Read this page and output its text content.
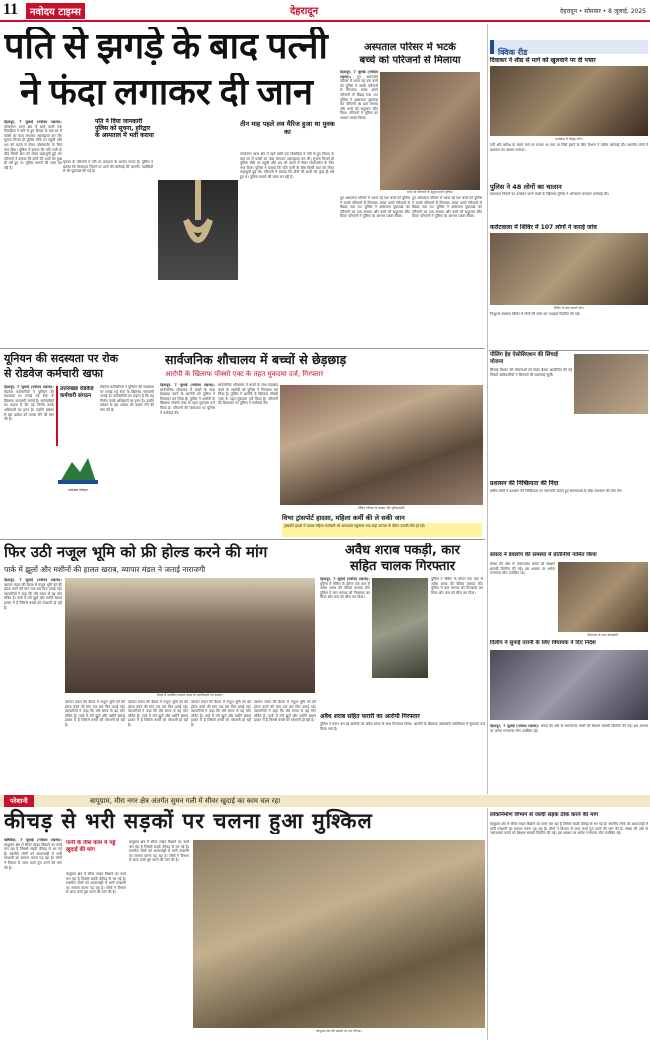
11	नवोदय टाइम्स	देहरादून	देहरादून • सोमवार • 8 जुलाई, 2025
पति से झगड़े के बाद पत्नी
ने फंदा लगाकर दी जान
देहरादून, 7 जुलाई (नवोदय टाइम्स): पटेलनगर थाना क्षेत्र में रहने वाली एक विवाहिता ने पति से हुए विवाद के बाद घर में फांसी का फंदा लगाकर आत्महत्या कर ली। सूचना मिलते ही पुलिस मौके पर पहुंची और शव को कब्जे में लेकर पोस्टमार्टम के लिए भेज दिया। पुलिस ने बताया कि पति पत्नी के बीच किसी बात को लेकर कहासुनी हुई थी। परिजनों ने बताया कि दोनों की शादी को कुछ ही वर्ष हुए थे। पुलिस मामले की जांच कर रही है।
पति ने दिया जानकारी पुलिस को सूचना, हरिद्वार के अस्पताल में भर्ती कराया
मृतका के परिजनों ने पति पर प्रताड़ना के आरोप लगाए हैं। पुलिस ने बताया कि शिकायत मिलने पर आगे की कार्रवाई की जाएगी। पड़ोसियों से भी पूछताछ की गई है।
तीन माह पहले लव मैरिज हुआ था युवक का
पटेलनगर थाना क्षेत्र में रहने वाली एक विवाहिता ने पति से हुए विवाद के बाद घर में फांसी का फंदा लगाकर आत्महत्या कर ली। सूचना मिलते ही पुलिस मौके पर पहुंची और शव को कब्जे में लेकर पोस्टमार्टम के लिए भेज दिया। पुलिस ने बताया कि पति पत्नी के बीच किसी बात को लेकर कहासुनी हुई थी। परिजनों ने बताया कि दोनों की शादी को कुछ ही वर्ष हुए थे। पुलिस मामले की जांच कर रही है।
अस्पताल परिसर में भटके
बच्चे को परिजनों से मिलाया
देहरादून, 7 जुलाई (नवोदय टाइम्स): दून अस्पताल परिसर में भटक रहे एक बच्चे को पुलिस ने उसके परिजनों से मिलाया। बच्चा अपने परिजनों से बिछड़ गया था। पुलिस ने आसपास पूछताछ कर परिजनों का पता लगाया और बच्चे को सकुशल सौंप दिया। परिजनों ने पुलिस का आभार व्यक्त किया।
बच्चे को परिजनों के सुपुर्द करती पुलिस।
दून अस्पताल परिसर में भटक रहे एक बच्चे को पुलिस ने उसके परिजनों से मिलाया। बच्चा अपने परिजनों से बिछड़ गया था। पुलिस ने आसपास पूछताछ कर परिजनों का पता लगाया और बच्चे को सकुशल सौंप दिया। परिजनों ने पुलिस का आभार व्यक्त किया।
दून अस्पताल परिसर में भटक रहे एक बच्चे को पुलिस ने उसके परिजनों से मिलाया। बच्चा अपने परिजनों से बिछड़ गया था। पुलिस ने आसपास पूछताछ कर परिजनों का पता लगाया और बच्चे को सकुशल सौंप दिया। परिजनों ने पुलिस का आभार व्यक्त किया।
यूनियन की सदस्यता पर रोक
से रोडवेज कर्मचारी खफा
देहरादून, 7 जुलाई (नवोदय टाइम्स): रोडवेज कर्मचारियों ने यूनियन की सदस्यता पर लगाई गई रोक के खिलाफ नाराजगी जताई है। कर्मचारियों का कहना है कि यह निर्णय उनके अधिकारों का हनन है। उन्होंने प्रबंधन से इस आदेश को वापस लेने की मांग की है।
उत्तराखंड रोडवेज कर्मचारी संगठन
उत्तराखंड परिवहन
रोडवेज कर्मचारियों ने यूनियन की सदस्यता पर लगाई गई रोक के खिलाफ नाराजगी जताई है। कर्मचारियों का कहना है कि यह निर्णय उनके अधिकारों का हनन है। उन्होंने प्रबंधन से इस आदेश को वापस लेने की मांग की है।
सार्वजनिक शौचालय में बच्चों से छेड़छाड़
आरोपी के खिलाफ पॉक्सो एक्ट के तहत मुकदमा दर्ज, गिरफ्तार
देहरादून, 7 जुलाई (नवोदय टाइम्स): सार्वजनिक शौचालय में बच्चों के साथ छेड़छाड़ करने के आरोपी को पुलिस ने गिरफ्तार कर लिया है। पुलिस ने आरोपी के खिलाफ पॉक्सो एक्ट के तहत मुकदमा दर्ज किया है। परिजनों की शिकायत पर पुलिस ने कार्रवाई की।
सार्वजनिक शौचालय में बच्चों के साथ छेड़छाड़ करने के आरोपी को पुलिस ने गिरफ्तार कर लिया है। पुलिस ने आरोपी के खिलाफ पॉक्सो एक्ट के तहत मुकदमा दर्ज किया है। परिजनों की शिकायत पर पुलिस ने कार्रवाई की।
पीड़ित परिवार के सदस्य और पुलिसकर्मी।
विभा ट्रांसपोर्ट हादसा, महिला कर्मी की ले सकी जान
ट्रांसपोर्ट हादसे में घायल महिला कर्मचारी को अस्पताल पहुंचाया गया जहां उपचार के दौरान उसकी मौत हो गई।
फिर उठी नजूल भूमि को फ्री होल्ड करने की मांग
पार्क में झूलों और मशीनों की हालत खराब, व्यापार मंडल ने जताई नाराजगी
देहरादून, 7 जुलाई (नवोदय टाइम्स): व्यापार मंडल की बैठक में नजूल भूमि को फ्री होल्ड करने की मांग एक बार फिर उठाई गई। व्यापारियों ने कहा कि लंबे समय से यह मांग लंबित है। पार्क में लगे झूले और मशीनें खराब हालत में हैं जिससे बच्चों को परेशानी हो रही है।
बैठक में उपस्थित व्यापार मंडल के पदाधिकारी एवं सदस्य।
व्यापार मंडल की बैठक में नजूल भूमि को फ्री होल्ड करने की मांग एक बार फिर उठाई गई। व्यापारियों ने कहा कि लंबे समय से यह मांग लंबित है। पार्क में लगे झूले और मशीनें खराब हालत में हैं जिससे बच्चों को परेशानी हो रही है।
व्यापार मंडल की बैठक में नजूल भूमि को फ्री होल्ड करने की मांग एक बार फिर उठाई गई। व्यापारियों ने कहा कि लंबे समय से यह मांग लंबित है। पार्क में लगे झूले और मशीनें खराब हालत में हैं जिससे बच्चों को परेशानी हो रही है।
व्यापार मंडल की बैठक में नजूल भूमि को फ्री होल्ड करने की मांग एक बार फिर उठाई गई। व्यापारियों ने कहा कि लंबे समय से यह मांग लंबित है। पार्क में लगे झूले और मशीनें खराब हालत में हैं जिससे बच्चों को परेशानी हो रही है।
व्यापार मंडल की बैठक में नजूल भूमि को फ्री होल्ड करने की मांग एक बार फिर उठाई गई। व्यापारियों ने कहा कि लंबे समय से यह मांग लंबित है। पार्क में लगे झूले और मशीनें खराब हालत में हैं जिससे बच्चों को परेशानी हो रही है।
अवैध शराब पकड़ी, कार
सहित चालक गिरफ्तार
देहरादून, 7 जुलाई (नवोदय टाइम्स): पुलिस ने चेकिंग के दौरान एक कार से अवैध शराब की पेटियां बरामद कीं। पुलिस ने कार चालक को गिरफ्तार कर लिया और कार को सीज कर दिया।
पुलिस ने चेकिंग के दौरान एक कार से अवैध शराब की पेटियां बरामद कीं। पुलिस ने कार चालक को गिरफ्तार कर लिया और कार को सीज कर दिया।
अवैध शराब सहित फरारी का आरोपी गिरफ्तार
पुलिस ने फरार चल रहे आरोपी को अवैध शराब के साथ गिरफ्तार किया। आरोपी के खिलाफ आबकारी अधिनियम में मुकदमा दर्ज किया गया है।
क्विक रीड
दिवाकर ने शीघ्र से मार्ग को खुलवाने पर दी पचार
कार्यक्रम में मौजूद लोग।
गर्मी और बारिश के चलते मार्ग पर मलबा आ गया था जिसे हटाने के लिए विभाग ने त्वरित कार्रवाई की। स्थानीय लोगों ने प्रशासन का आभार जताया।
पुलिस ने 48 लोगों का चालान
यातायात नियमों का उल्लंघन करने वालों के खिलाफ पुलिस ने अभियान चलाकर कार्रवाई की।
करोटवाला में शिविर में 107 लोगों ने कराई जांच
शिविर में जांच कराते लोग।
निःशुल्क स्वास्थ्य शिविर में लोगों की जांच कर दवाइयां वितरित की गईं।
पीलिंग हेड ऐसोसिएशन की सिंचाई योजना
सिंचाई विभाग की योजनाओं को लेकर बैठक आयोजित की गई जिसमें अधिकारियों ने किसानों की समस्याएं सुनीं।
प्रशासन की निष्क्रियता की निंदा
क्षेत्रीय लोगों ने प्रशासन की निष्क्रियता पर नाराजगी जताते हुए समस्याओं के शीघ्र समाधान की मांग की।
सांसद ने डवलोप की समस्या में प्रतिनिधि नामित किया
विधायक के साथ क्षेत्रवासी।
संस्था की ओर से जरूरतमंद बच्चों को शिक्षण सामग्री वितरित की गई। इस अवसर पर अनेक गणमान्य लोग उपस्थित रहे।
दिलीप ने सुनाई तरानी के लिए विधायक ने दिए निर्देश
देहरादून, 7 जुलाई (नवोदय टाइम्स): संस्था की ओर से जरूरतमंद बच्चों को शिक्षण सामग्री वितरित की गई। इस अवसर पर अनेक गणमान्य लोग उपस्थित रहे।
परेशानी	बापूग्राम, मीरा नगर क्षेत्र अंतर्गत सुमन गली में सीवर खुदाई का काम चल रहा
कीचड़ से भरी सड़कों पर चलना हुआ मुश्किल
ऋषिकेश, 7 जुलाई (नवोदय टाइम्स): बापूग्राम क्षेत्र में सीवर लाइन बिछाने का कार्य चल रहा है जिससे सड़कें कीचड़ से भर गई हैं। स्थानीय लोगों को आवाजाही में भारी परेशानी का सामना करना पड़ रहा है। लोगों ने विभाग से जल्द कार्य पूरा करने की मांग की है।
पानी के तीस काम में गड्ढे खुदाई की मांग
बापूग्राम क्षेत्र में सीवर लाइन बिछाने का कार्य चल रहा है जिससे सड़कें कीचड़ से भर गई हैं। स्थानीय लोगों को आवाजाही में भारी परेशानी का सामना करना पड़ रहा है। लोगों ने विभाग से जल्द कार्य पूरा करने की मांग की है।
बापूग्राम क्षेत्र में सीवर लाइन बिछाने का कार्य चल रहा है जिससे सड़कें कीचड़ से भर गई हैं। स्थानीय लोगों को आवाजाही में भारी परेशानी का सामना करना पड़ रहा है। लोगों ने विभाग से जल्द कार्य पूरा करने की मांग की है।
बापूग्राम क्षेत्र की सड़कों पर भरा कीचड़।
लोकनिर्माण विभाग से जल्दी सड़क ठीक करने की मांग
बापूग्राम क्षेत्र में सीवर लाइन बिछाने का कार्य चल रहा है जिससे सड़कें कीचड़ से भर गई हैं। स्थानीय लोगों को आवाजाही में भारी परेशानी का सामना करना पड़ रहा है। लोगों ने विभाग से जल्द कार्य पूरा करने की मांग की है। संस्था की ओर से जरूरतमंद बच्चों को शिक्षण सामग्री वितरित की गई। इस अवसर पर अनेक गणमान्य लोग उपस्थित रहे।
